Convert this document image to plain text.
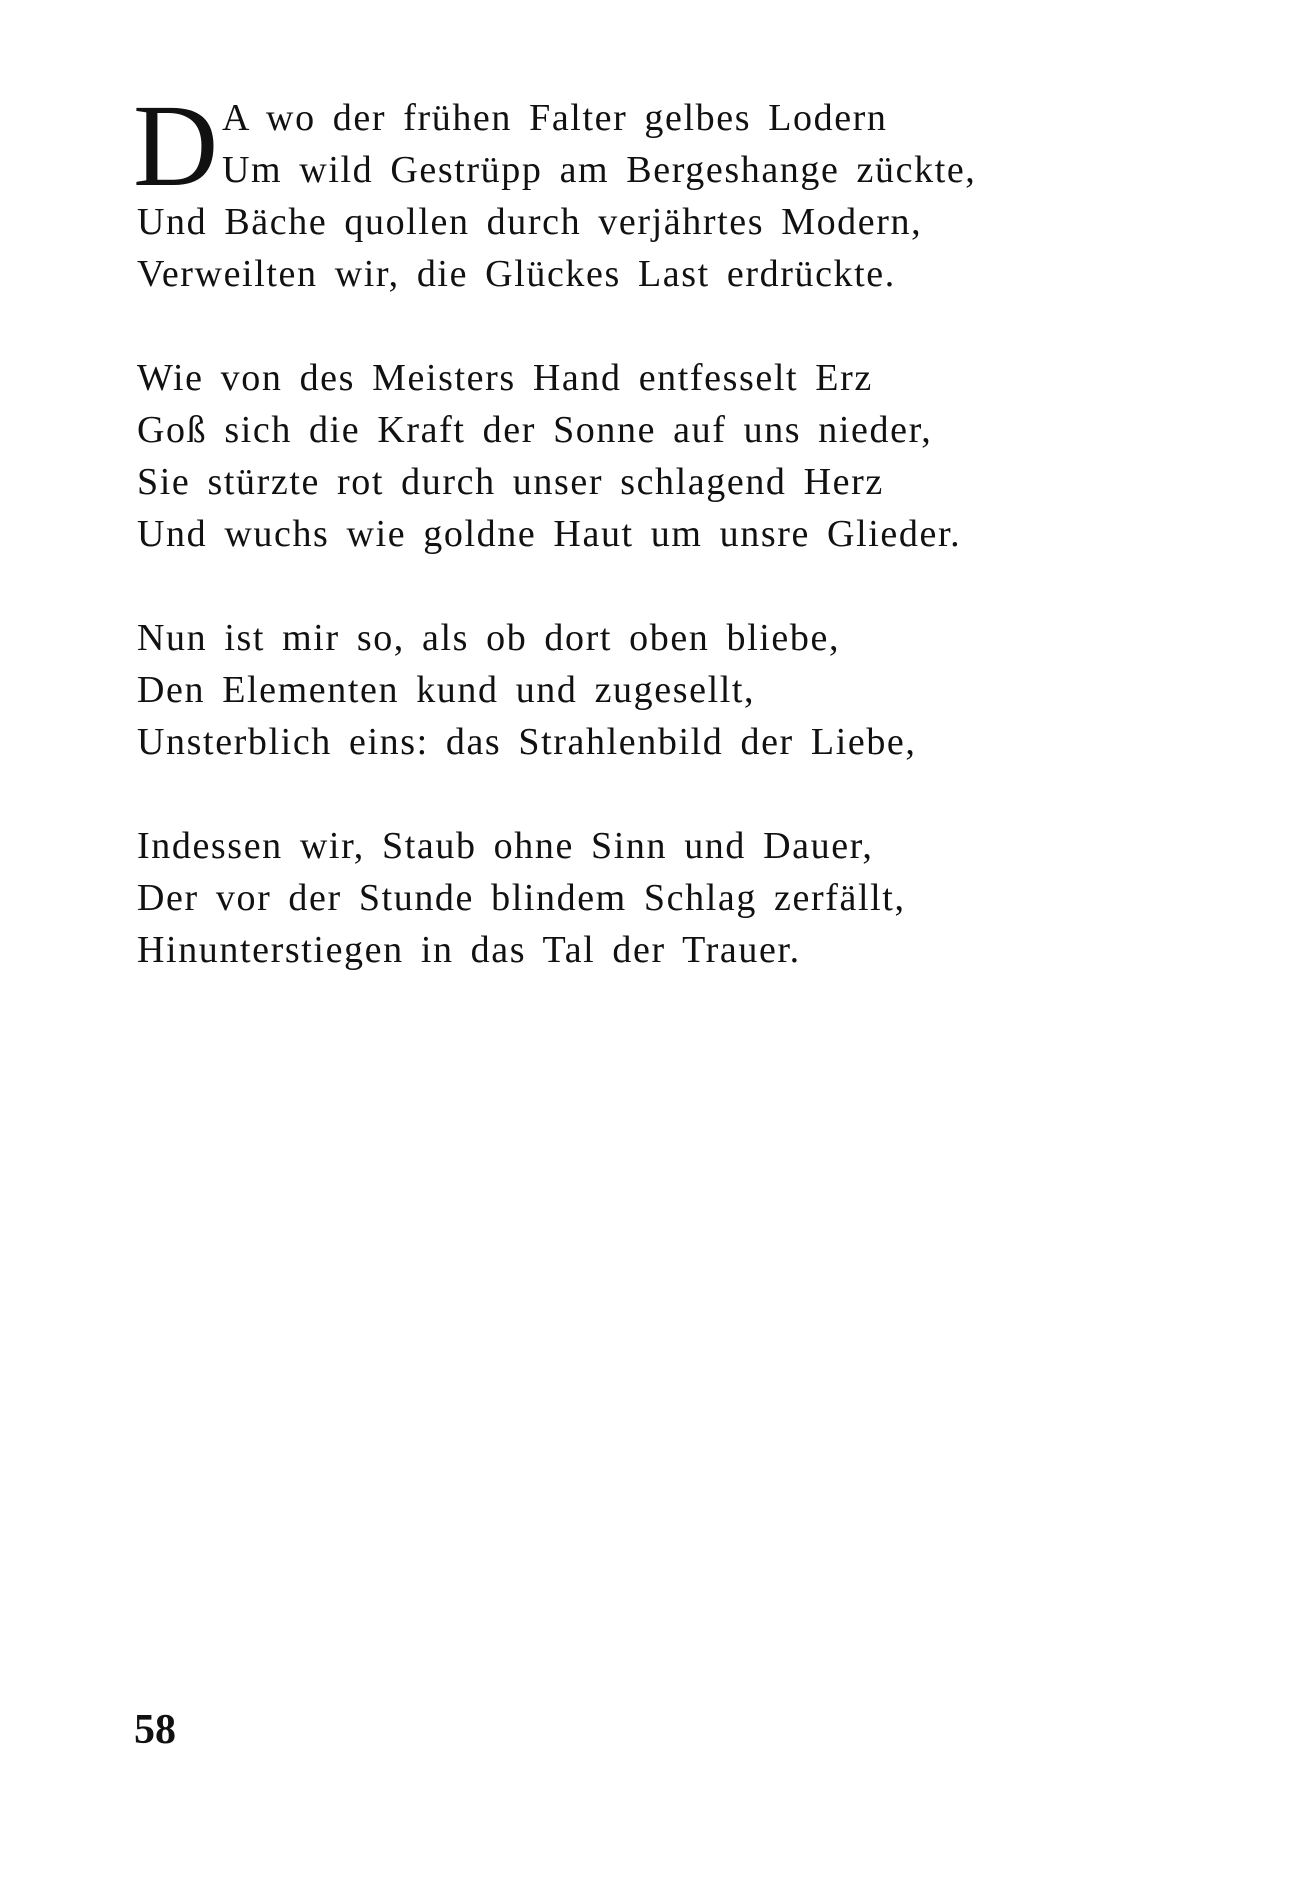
D A wo der frühen Falter gelbes Lodern
Um wild Gestrüpp am Bergeshange zückte,
Und Bäche quollen durch verjährtes Modern,
Verweilten wir, die Glückes Last erdrückte.
Wie von des Meisters Hand entfesselt Erz
Goß sich die Kraft der Sonne auf uns nieder,
Sie stürzte rot durch unser schlagend Herz
Und wuchs wie goldne Haut um unsre Glieder.
Nun ist mir so, als ob dort oben bliebe,
Den Elementen kund und zugesellt,
Unsterblich eins: das Strahlenbild der Liebe,
Indessen wir, Staub ohne Sinn und Dauer,
Der vor der Stunde blindem Schlag zerfällt,
Hinunterstiegen in das Tal der Trauer.
58
